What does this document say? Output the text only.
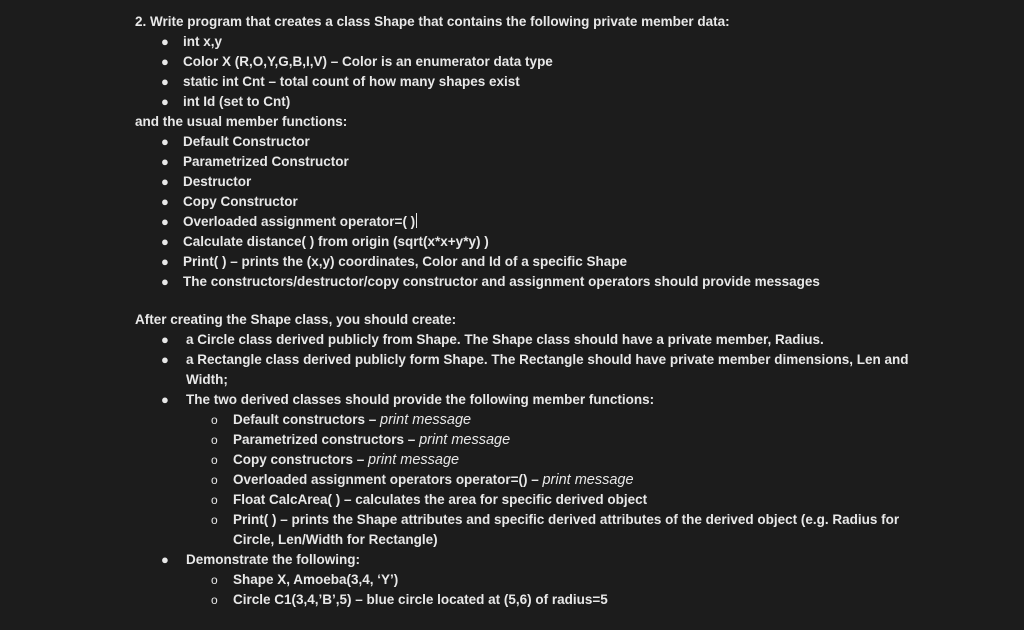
2. Write program that creates a class Shape that contains the following private member data:
● int x,y
● Color X (R,O,Y,G,B,I,V) – Color is an enumerator data type
● static int Cnt – total count of how many shapes exist
● int Id (set to Cnt)
and the usual member functions:
● Default Constructor
● Parametrized Constructor
● Destructor
● Copy Constructor
● Overloaded assignment operator=( )
● Calculate distance( ) from origin (sqrt(x*x+y*y) )
● Print( ) – prints the (x,y) coordinates, Color and Id of a specific Shape
● The constructors/destructor/copy constructor and assignment operators should provide messages
After creating the Shape class, you should create:
● a Circle class derived publicly from Shape. The Shape class should have a private member, Radius.
● a Rectangle class derived publicly form Shape. The Rectangle should have private member dimensions, Len and Width;
● The two derived classes should provide the following member functions:
o Default constructors – print message
o Parametrized constructors – print message
o Copy constructors – print message
o Overloaded assignment operators operator=() – print message
o Float CalcArea( ) – calculates the area for specific derived object
o Print( ) – prints the Shape attributes and specific derived attributes of the derived object (e.g. Radius for Circle, Len/Width for Rectangle)
● Demonstrate the following:
o Shape X, Amoeba(3,4, ‘Y’)
o Circle C1(3,4,’B’,5) – blue circle located at (5,6) of radius=5
